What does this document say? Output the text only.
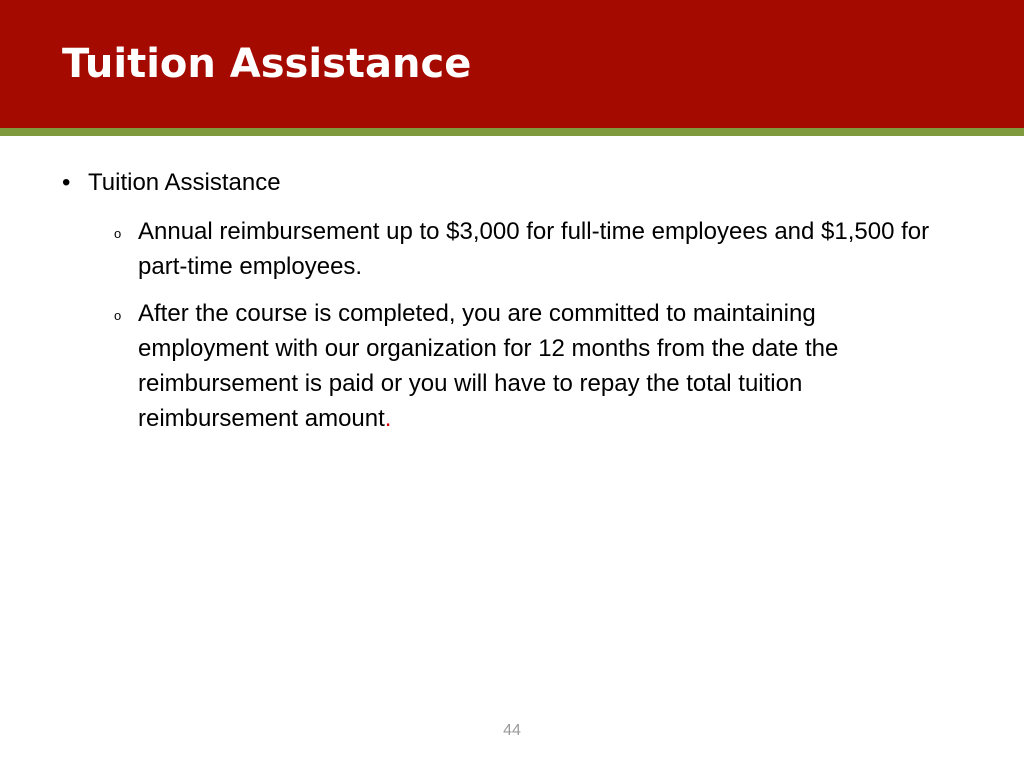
Tuition Assistance
• Tuition Assistance
o Annual reimbursement up to $3,000 for full-time employees and $1,500 for part-time employees.
o After the course is completed, you are committed to maintaining employment with our organization for 12 months from the date the reimbursement is paid or you will have to repay the total tuition reimbursement amount.
44
